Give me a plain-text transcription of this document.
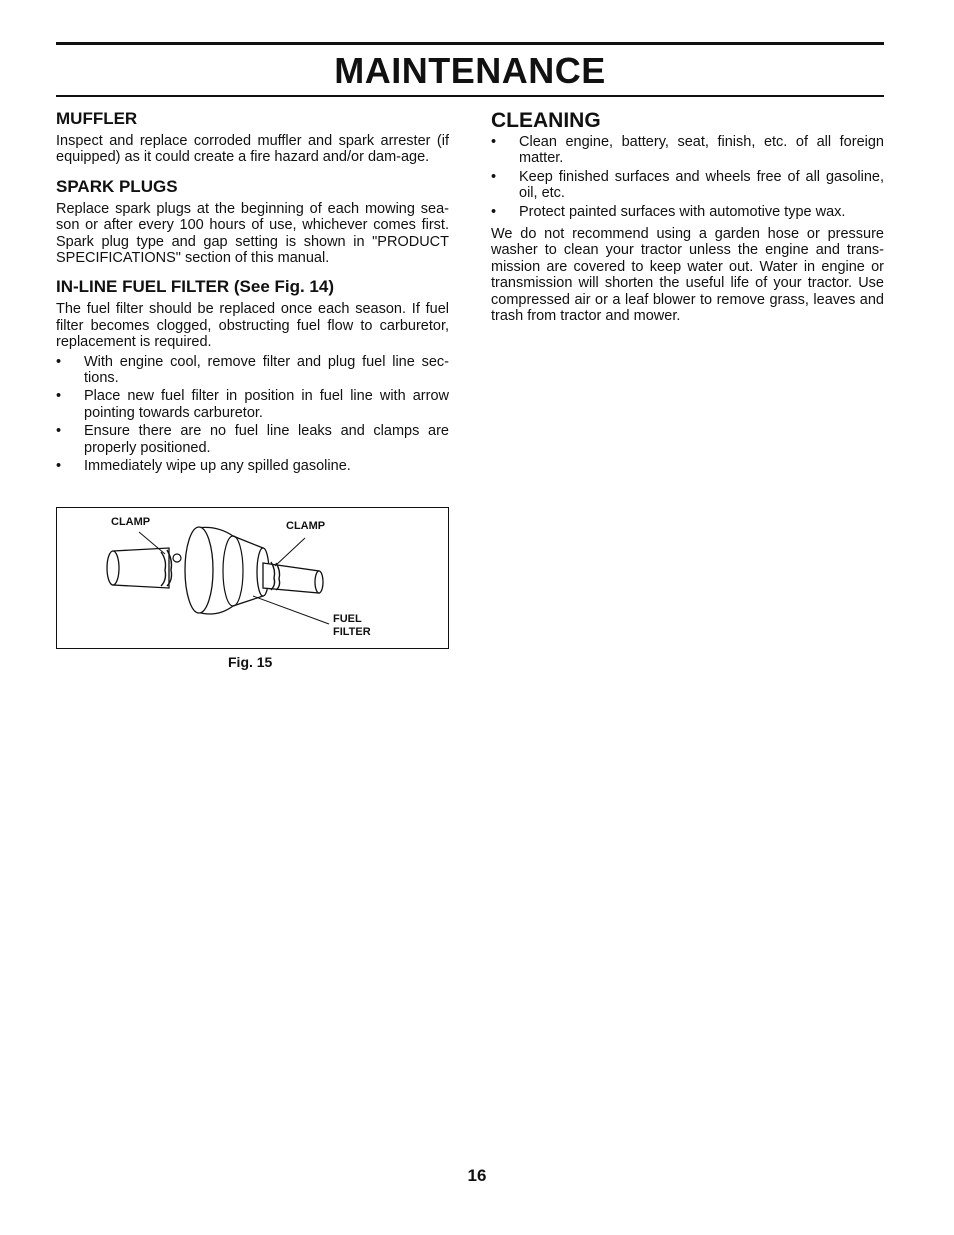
MAINTENANCE
MUFFLER

Inspect and replace corroded muffler and spark arrester (if equipped) as it could create a fire hazard and/or dam-age.

SPARK PLUGS

Replace spark plugs at the beginning of each mowing sea-son or after every 100 hours of use, whichever comes first. Spark plug type and gap setting is shown in "PRODUCT SPECIFICATIONS" section of this manual.

IN-LINE FUEL FILTER (See Fig. 14)

The fuel filter should be replaced once each season. If fuel filter becomes clogged, obstructing fuel flow to carburetor, replacement is required.

• With engine cool, remove filter and plug fuel line sec-tions.
• Place new fuel filter in position in fuel line with arrow pointing towards carburetor.
• Ensure there are no fuel line leaks and clamps are properly positioned.
• Immediately wipe up any spilled gasoline.
CLAMP	CLAMP
FUEL
FILTER
Fig. 15
CLEANING
• Clean engine, battery, seat, finish, etc. of all foreign matter.
• Keep finished surfaces and wheels free of all gasoline, oil, etc.
• Protect painted surfaces with automotive type wax.

We do not recommend using a garden hose or pressure washer to clean your tractor unless the engine and trans-mission are covered to keep water out. Water in engine or transmission will shorten the useful life of your tractor. Use compressed air or a leaf blower to remove grass, leaves and trash from tractor and mower.

16
